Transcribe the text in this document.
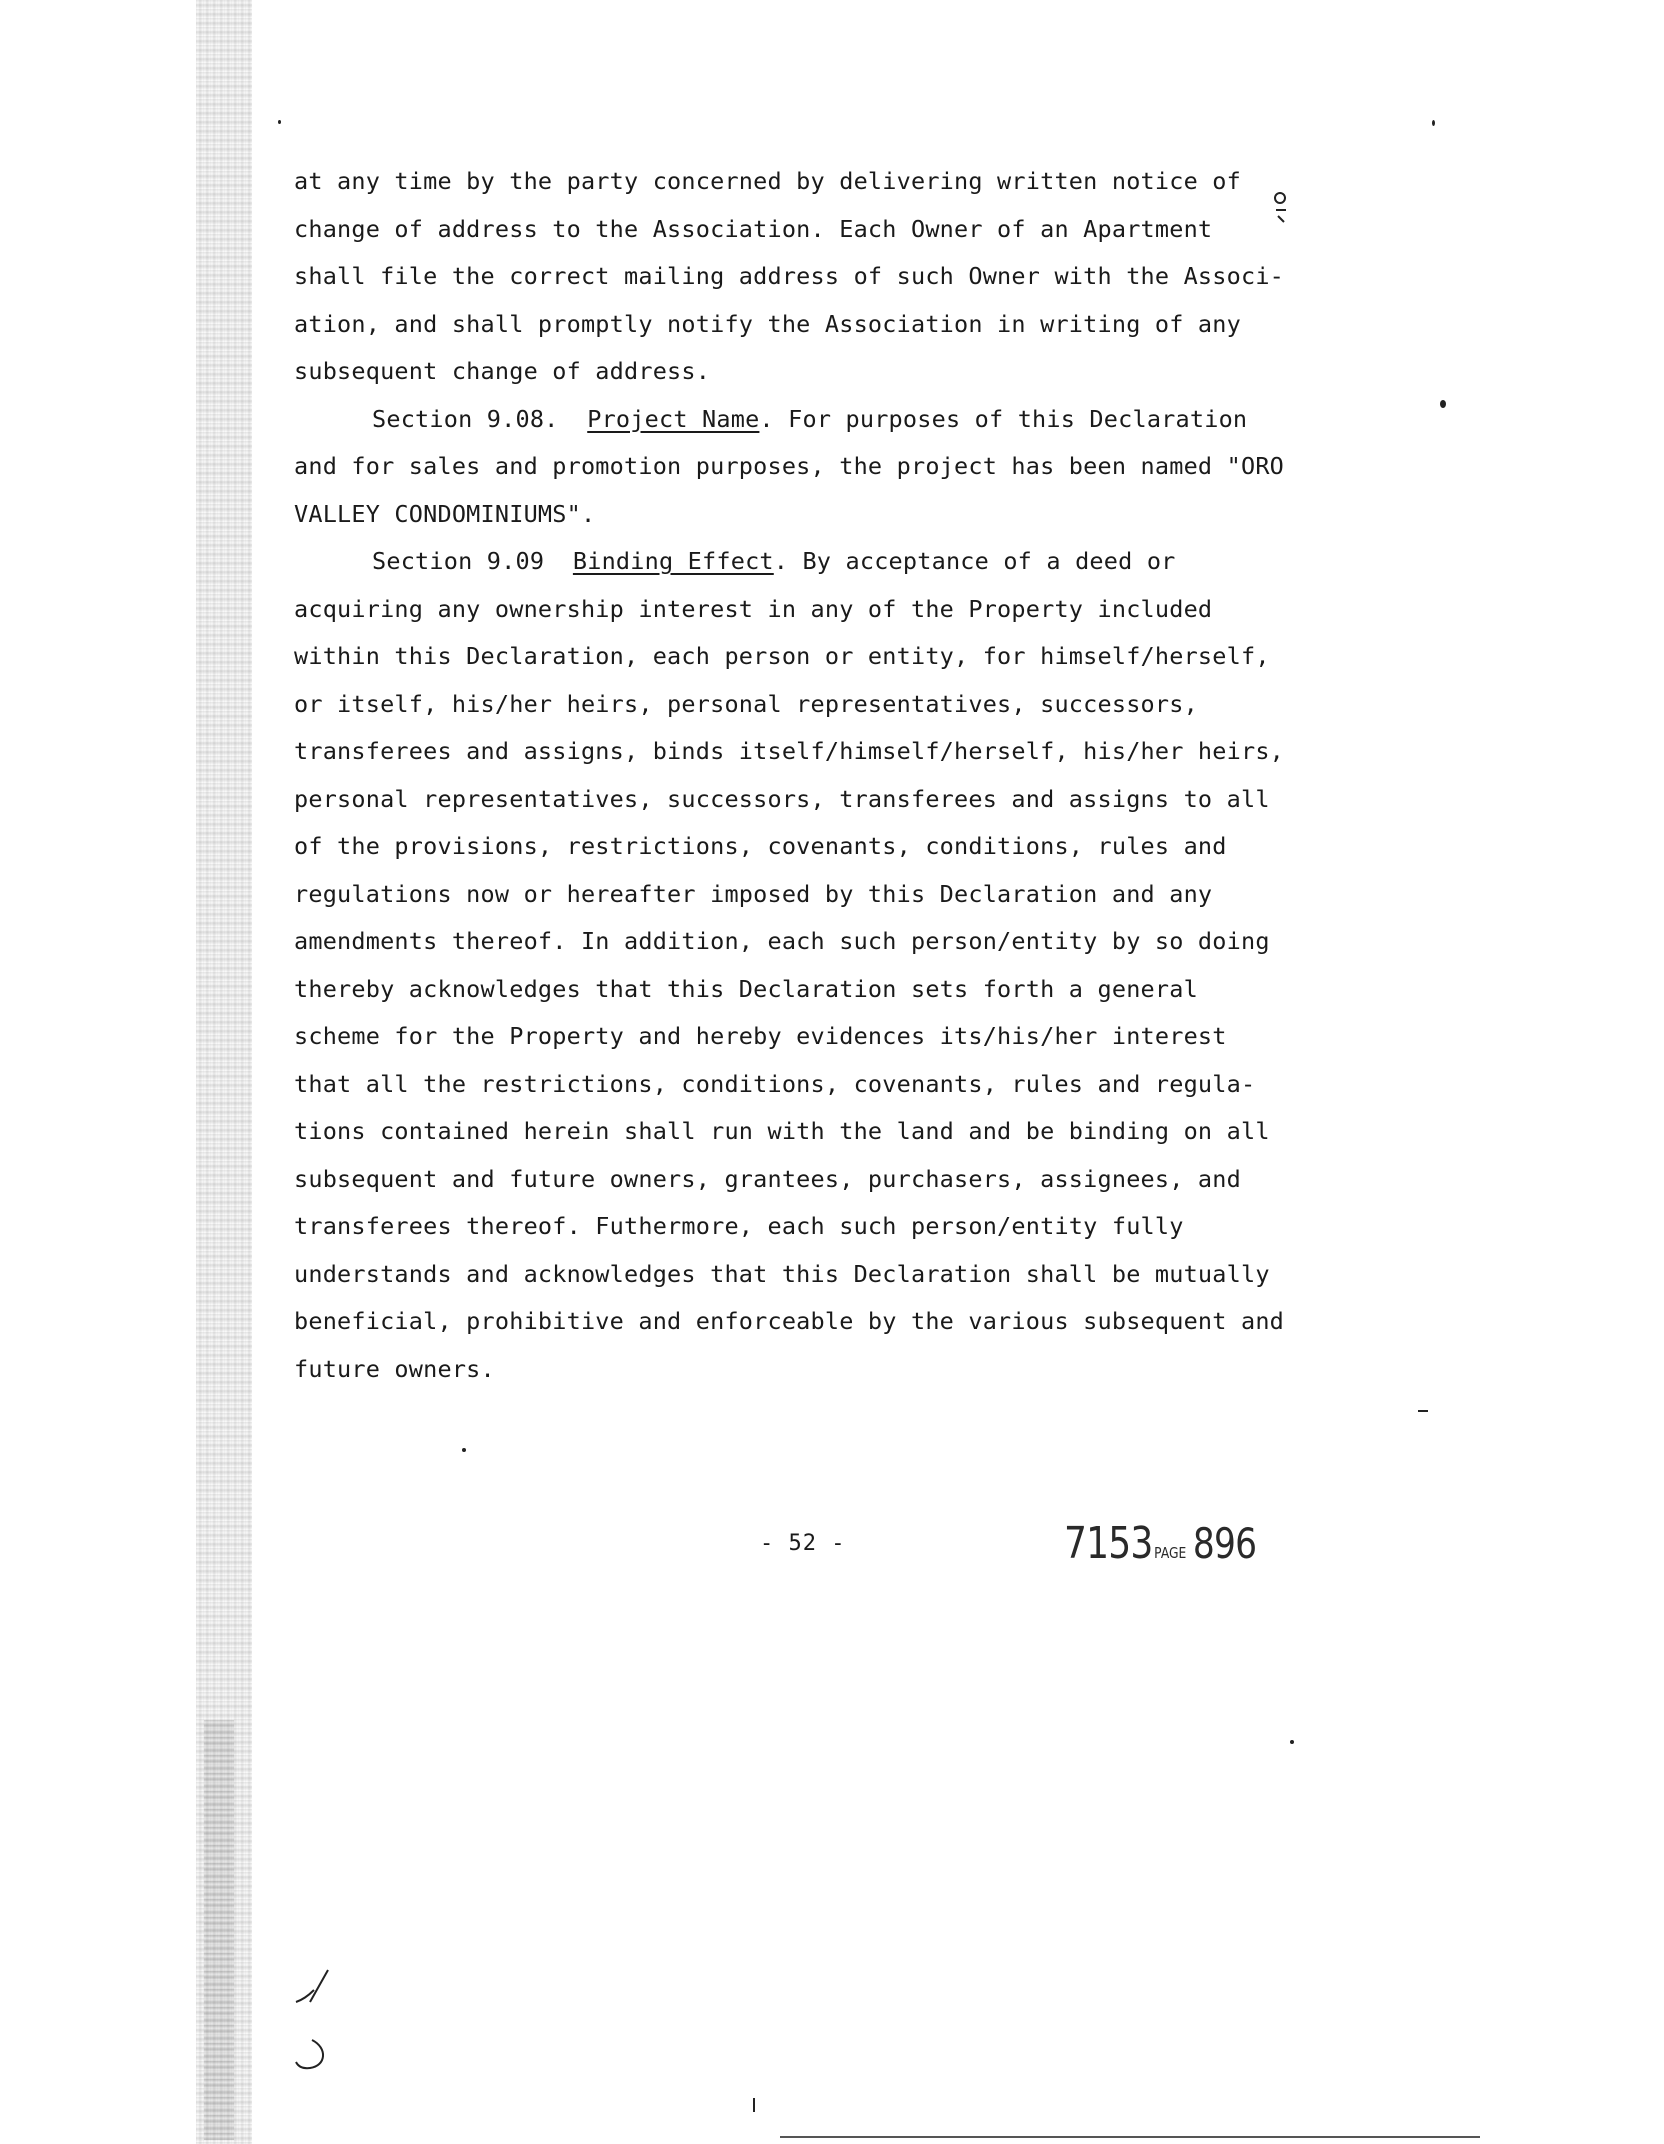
at any time by the party concerned by delivering written notice of
change of address to the Association. Each Owner of an Apartment
shall file the correct mailing address of such Owner with the Associ-
ation, and shall promptly notify the Association in writing of any
subsequent change of address.
Section 9.08. Project Name. For purposes of this Declaration
and for sales and promotion purposes, the project has been named "ORO
VALLEY CONDOMINIUMS".
Section 9.09 Binding Effect. By acceptance of a deed or
acquiring any ownership interest in any of the Property included
within this Declaration, each person or entity, for himself/herself,
or itself, his/her heirs, personal representatives, successors,
transferees and assigns, binds itself/himself/herself, his/her heirs,
personal representatives, successors, transferees and assigns to all
of the provisions, restrictions, covenants, conditions, rules and
regulations now or hereafter imposed by this Declaration and any
amendments thereof. In addition, each such person/entity by so doing
thereby acknowledges that this Declaration sets forth a general
scheme for the Property and hereby evidences its/his/her interest
that all the restrictions, conditions, covenants, rules and regula-
tions contained herein shall run with the land and be binding on all
subsequent and future owners, grantees, purchasers, assignees, and
transferees thereof. Futhermore, each such person/entity fully
understands and acknowledges that this Declaration shall be mutually
beneficial, prohibitive and enforceable by the various subsequent and
future owners.
- 52 -	7153 PAGE 896
